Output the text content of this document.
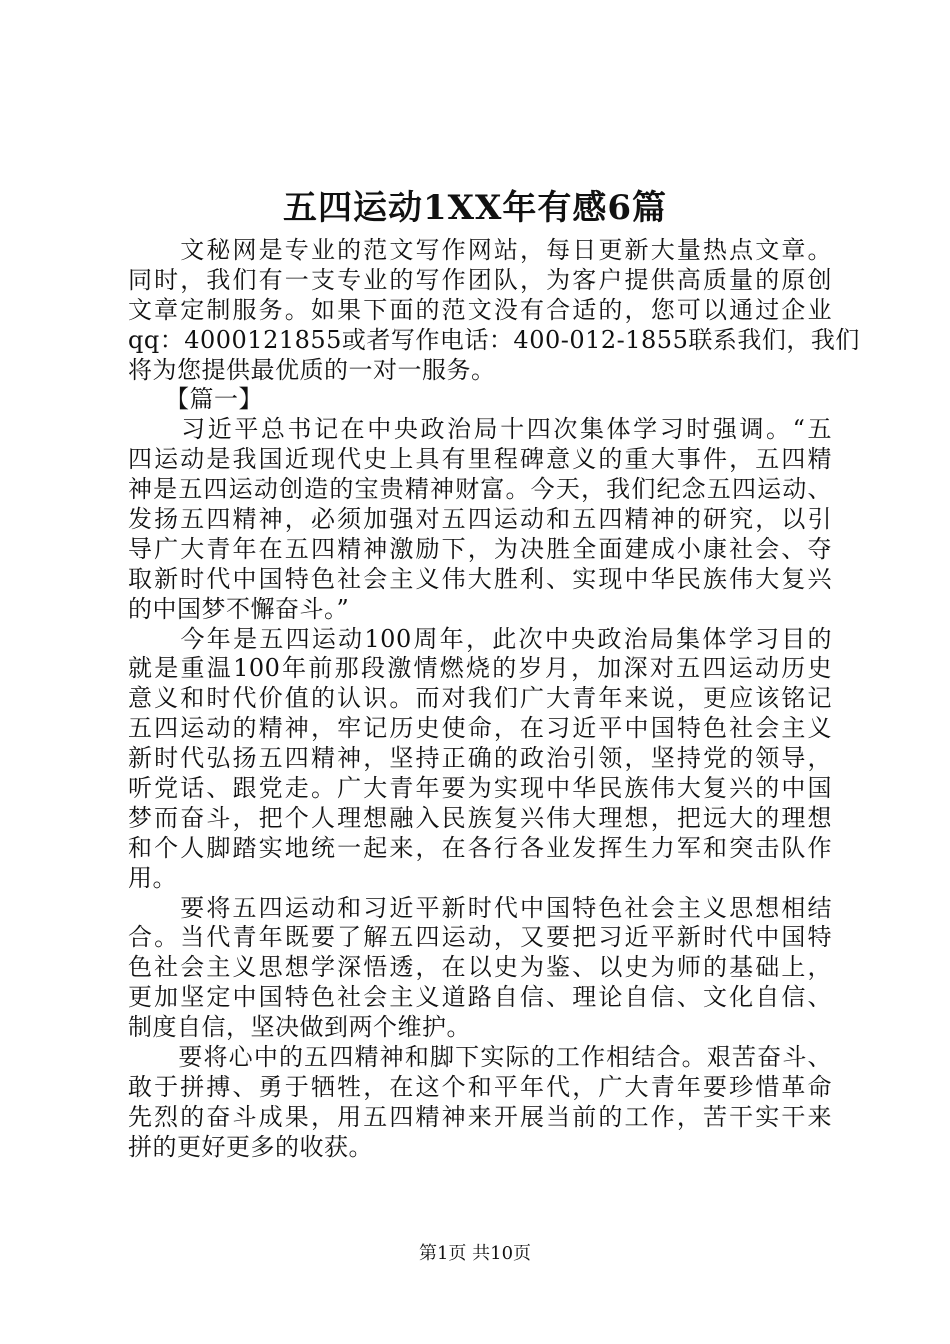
五四运动1XX年有感6篇
　　文秘网是专业的范文写作网站，每日更新大量热点文章。
同时，我们有一支专业的写作团队，为客户提供高质量的原创
文章定制服务。如果下面的范文没有合适的，您可以通过企业
qq：4000121855或者写作电话：400-012-1855联系我们，我们
将为您提供最优质的一对一服务。
　　【篇一】
　　习近平总书记在中央政治局十四次集体学习时强调。“五
四运动是我国近现代史上具有里程碑意义的重大事件，五四精
神是五四运动创造的宝贵精神财富。今天，我们纪念五四运动、
发扬五四精神，必须加强对五四运动和五四精神的研究，以引
导广大青年在五四精神激励下，为决胜全面建成小康社会、夺
取新时代中国特色社会主义伟大胜利、实现中华民族伟大复兴
的中国梦不懈奋斗。”
　　今年是五四运动100周年，此次中央政治局集体学习目的
就是重温100年前那段激情燃烧的岁月，加深对五四运动历史
意义和时代价值的认识。而对我们广大青年来说，更应该铭记
五四运动的精神，牢记历史使命，在习近平中国特色社会主义
新时代弘扬五四精神，坚持正确的政治引领，坚持党的领导，
听党话、跟党走。广大青年要为实现中华民族伟大复兴的中国
梦而奋斗，把个人理想融入民族复兴伟大理想，把远大的理想
和个人脚踏实地统一起来，在各行各业发挥生力军和突击队作
用。
　　要将五四运动和习近平新时代中国特色社会主义思想相结
合。当代青年既要了解五四运动，又要把习近平新时代中国特
色社会主义思想学深悟透，在以史为鉴、以史为师的基础上，
更加坚定中国特色社会主义道路自信、理论自信、文化自信、
制度自信，坚决做到两个维护。
　　要将心中的五四精神和脚下实际的工作相结合。艰苦奋斗、
敢于拼搏、勇于牺牲，在这个和平年代，广大青年要珍惜革命
先烈的奋斗成果，用五四精神来开展当前的工作，苦干实干来
拼的更好更多的收获。
第1页 共10页
